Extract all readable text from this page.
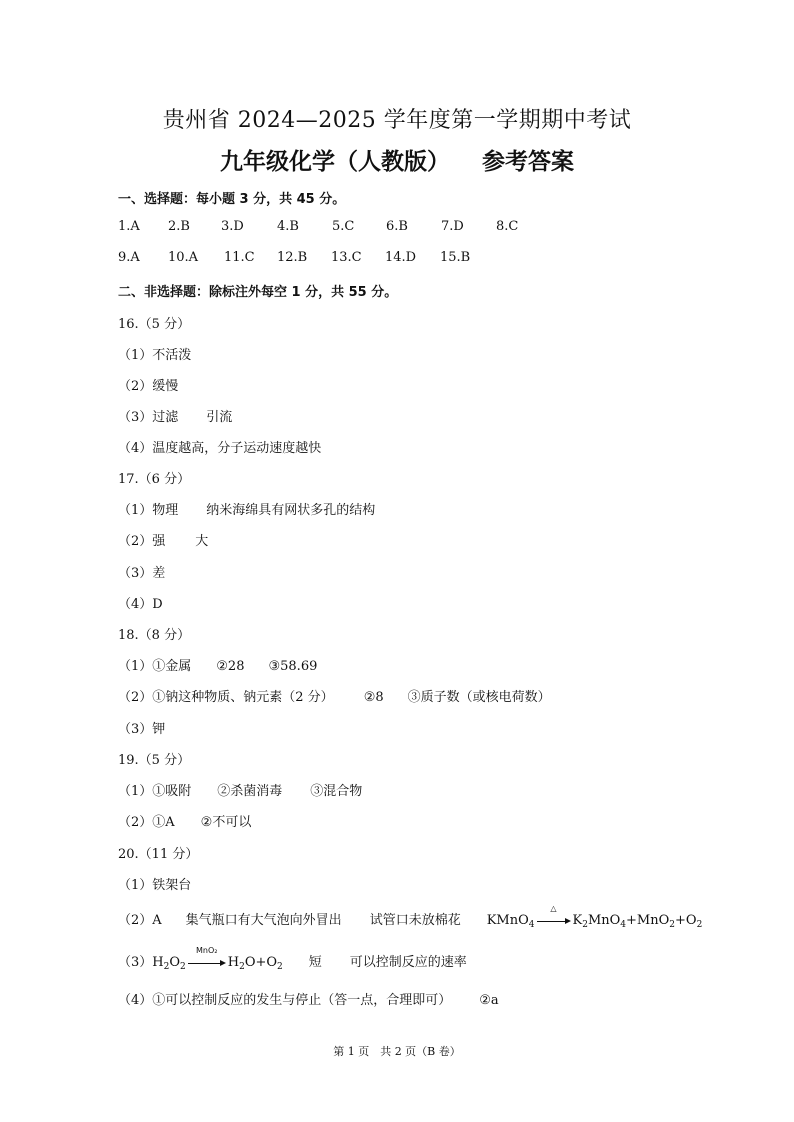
贵州省 2024—2025 学年度第一学期期中考试
九年级化学（人教版） 参考答案
一、选择题：每小题 3 分，共 45 分。
1.A	2.B	3.D	4.B	5.C	6.B	7.D	8.C
9.A	10.A	11.C	12.B	13.C	14.D	15.B
二、非选择题：除标注外每空 1 分，共 55 分。
16.（5 分）
（1）不活泼
（2）缓慢
（3）过滤 引流
（4）温度越高，分子运动速度越快
17.（6 分）
（1）物理 纳米海绵具有网状多孔的结构
（2）强 大
（3）差
（4）D
18.（8 分）
（1）①金属 ②28 ③58.69
（2）①钠这种物质、钠元素（2 分） ②8 ③质子数（或核电荷数）
（3）钾
19.（5 分）
（1）①吸附 ②杀菌消毒 ③混合物
（2）①A ②不可以
20.（11 分）
（1）铁架台
（2）A 集气瓶口有大气泡向外冒出 试管口未放棉花 KMnO$_4$
△
$K_2MnO_4+MnO_2+O_2$
$(3)H_2O_2$
MnO₂
$H_2O+O_2$ 短 可以控制反应的速率
（4）①可以控制反应的发生与停止（答一点，合理即可） ②a
第 1 页　共 2 页（B 卷）
